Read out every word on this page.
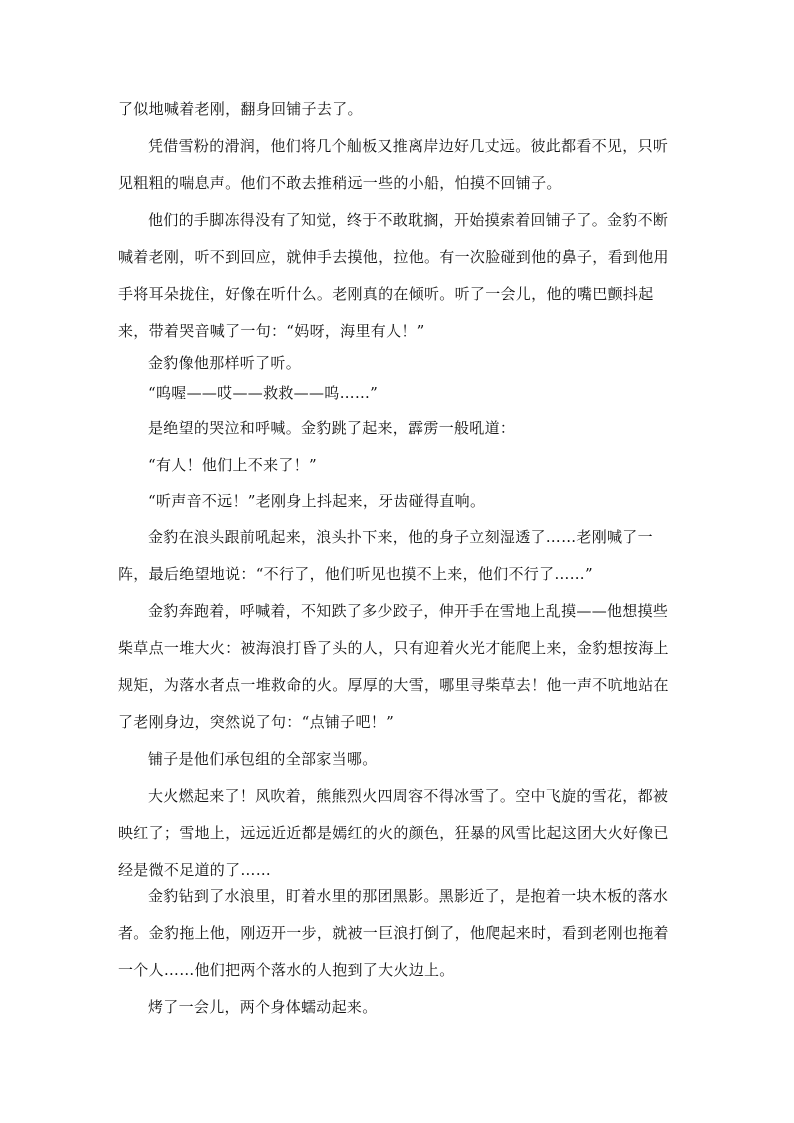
了似地喊着老刚，翻身回铺子去了。

凭借雪粉的滑润，他们将几个舢板又推离岸边好几丈远。彼此都看不见，只听见粗粗的喘息声。他们不敢去推稍远一些的小船，怕摸不回铺子。

他们的手脚冻得没有了知觉，终于不敢耽搁，开始摸索着回铺子了。金豹不断喊着老刚，听不到回应，就伸手去摸他，拉他。有一次脸碰到他的鼻子，看到他用手将耳朵拢住，好像在听什么。老刚真的在倾听。听了一会儿，他的嘴巴颤抖起来，带着哭音喊了一句：“妈呀，海里有人！”

金豹像他那样听了听。

“呜喔——哎——救救——呜……”

是绝望的哭泣和呼喊。金豹跳了起来，霹雳一般吼道：

“有人！他们上不来了！”

“听声音不远！”老刚身上抖起来，牙齿碰得直响。

金豹在浪头跟前吼起来，浪头扑下来，他的身子立刻湿透了……老刚喊了一阵，最后绝望地说：“不行了，他们听见也摸不上来，他们不行了……”

金豹奔跑着，呼喊着，不知跌了多少跤子，伸开手在雪地上乱摸——他想摸些柴草点一堆大火：被海浪打昏了头的人，只有迎着火光才能爬上来，金豹想按海上规矩，为落水者点一堆救命的火。厚厚的大雪，哪里寻柴草去！他一声不吭地站在了老刚身边，突然说了句：“点铺子吧！”

铺子是他们承包组的全部家当哪。

大火燃起来了！风吹着，熊熊烈火四周容不得冰雪了。空中飞旋的雪花，都被映红了；雪地上，远远近近都是嫣红的火的颜色，狂暴的风雪比起这团大火好像已经是微不足道的了……

金豹钻到了水浪里，盯着水里的那团黑影。黑影近了，是抱着一块木板的落水者。金豹拖上他，刚迈开一步，就被一巨浪打倒了，他爬起来时，看到老刚也拖着一个人……他们把两个落水的人抱到了大火边上。

烤了一会儿，两个身体蠕动起来。
